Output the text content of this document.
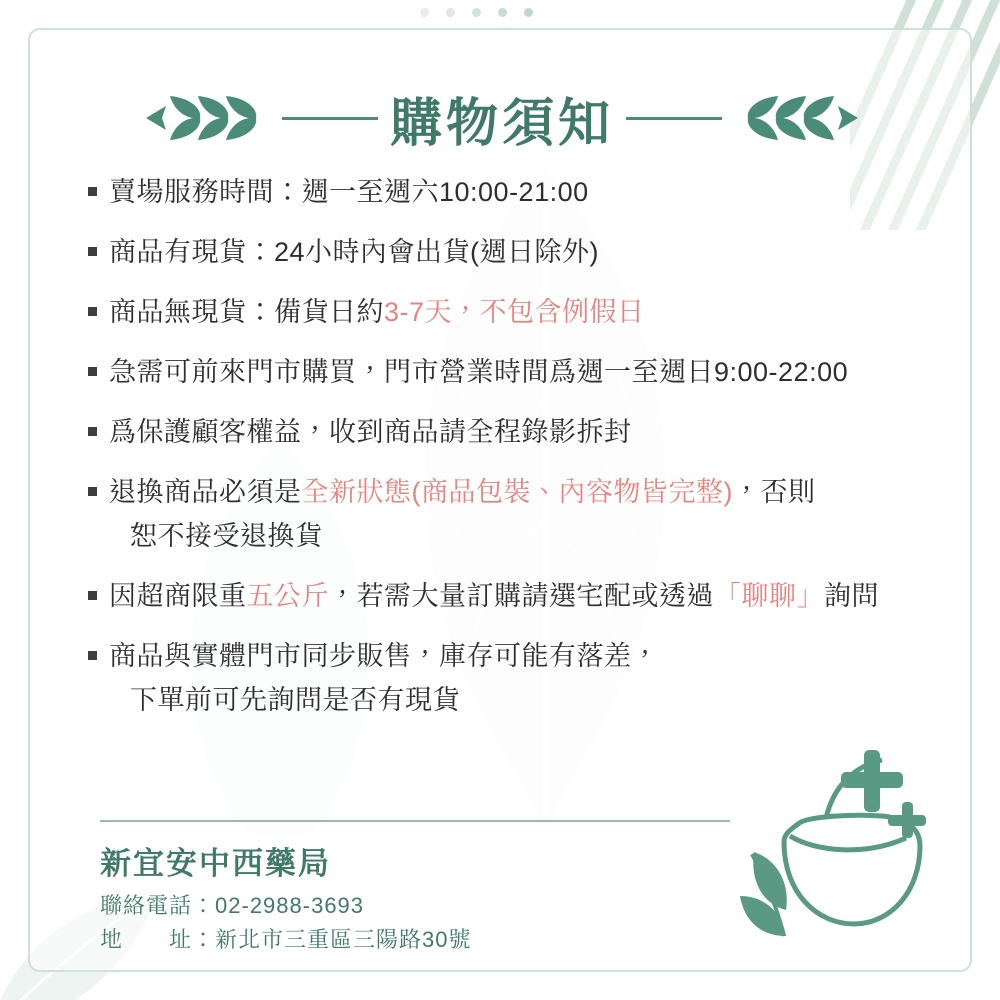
購物須知
賣場服務時間：週一至週六10:00-21:00
商品有現貨：24小時內會出貨(週日除外)
商品無現貨：備貨日約3-7天，不包含例假日
急需可前來門市購買，門市營業時間爲週一至週日9:00-22:00
爲保護顧客權益，收到商品請全程錄影拆封
退換商品必須是全新狀態(商品包裝、內容物皆完整)，否則
恕不接受退換貨
因超商限重五公斤，若需大量訂購請選宅配或透過「聊聊」詢問
商品與實體門市同步販售，庫存可能有落差，
下單前可先詢問是否有現貨
新宜安中西藥局
聯絡電話：02-2988-3693
地　　址：新北市三重區三陽路30號
